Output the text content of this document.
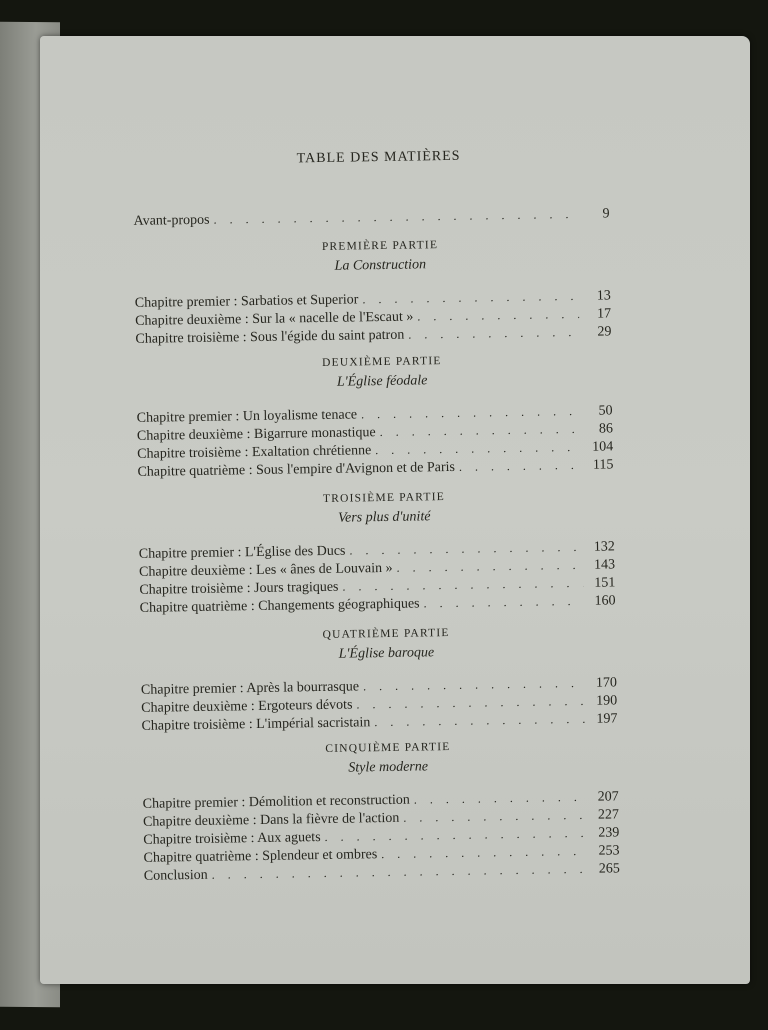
TABLE DES MATIÈRES
Avant-propos . . .	9
PREMIÈRE PARTIE
La Construction
Chapitre premier : Sarbatios et Superior . . .	13
Chapitre deuxième : Sur la « nacelle de l'Escaut » . . .	17
Chapitre troisième : Sous l'égide du saint patron . . .	29
DEUXIÈME PARTIE
L'Église féodale
Chapitre premier : Un loyalisme tenace . . .	50
Chapitre deuxième : Bigarrure monastique . . .	86
Chapitre troisième : Exaltation chrétienne . . .	104
Chapitre quatrième : Sous l'empire d'Avignon et de Paris . . .	115
TROISIÈME PARTIE
Vers plus d'unité
Chapitre premier : L'Église des Ducs . . .	132
Chapitre deuxième : Les « ânes de Louvain » . . .	143
Chapitre troisième : Jours tragiques . . .	151
Chapitre quatrième : Changements géographiques . . .	160
QUATRIÈME PARTIE
L'Église baroque
Chapitre premier : Après la bourrasque . . .	170
Chapitre deuxième : Ergoteurs dévots . . .	190
Chapitre troisième : L'impérial sacristain . . .	197
CINQUIÈME PARTIE
Style moderne
Chapitre premier : Démolition et reconstruction . . .	207
Chapitre deuxième : Dans la fièvre de l'action . . .	227
Chapitre troisième : Aux aguets . . .	239
Chapitre quatrième : Splendeur et ombres . . .	253
Conclusion . . .	265
